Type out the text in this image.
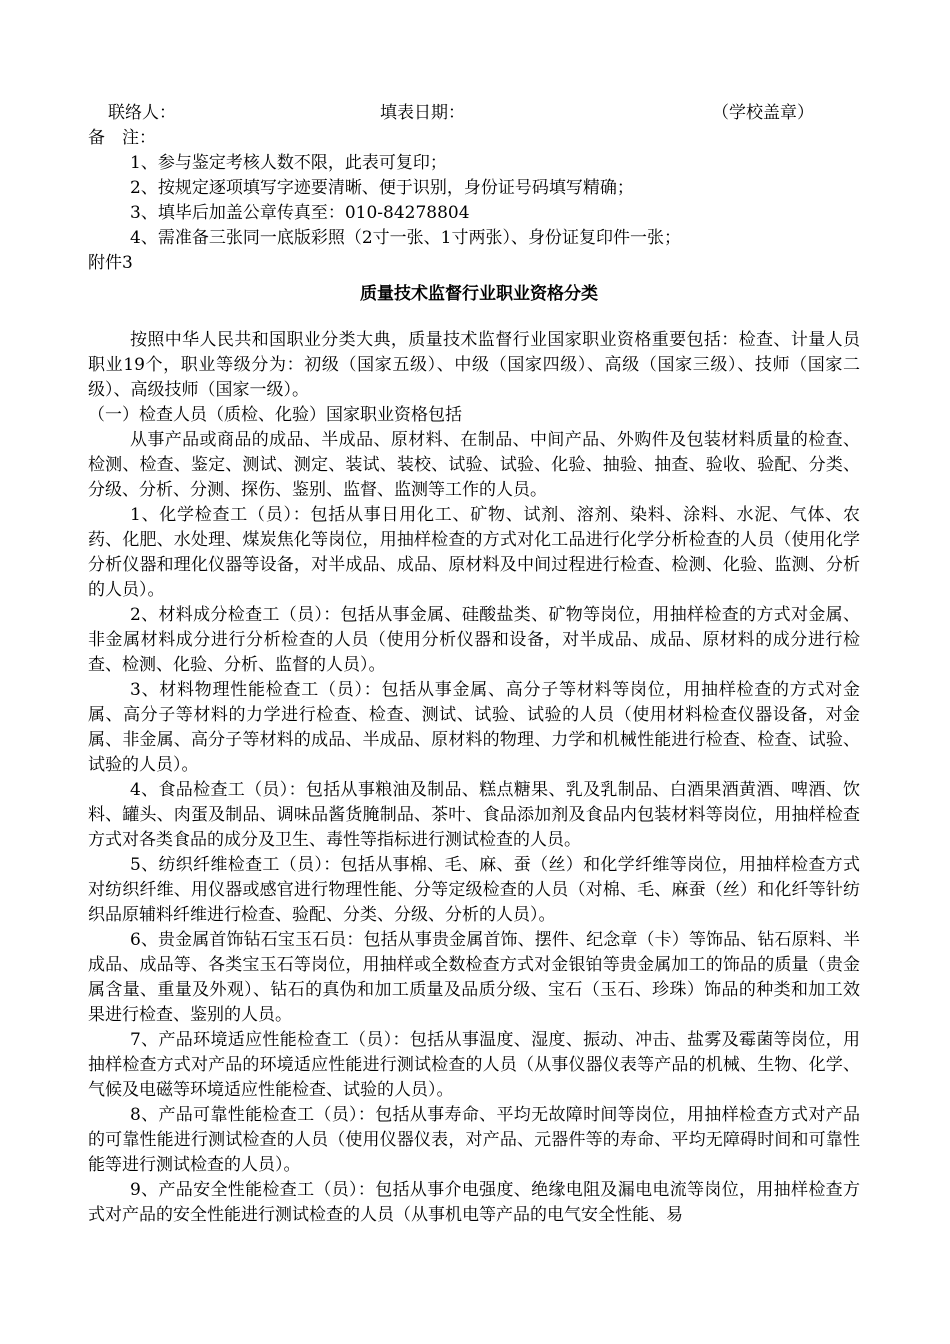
联络人：	填表日期：	（学校盖章）
备　注：
1、参与鉴定考核人数不限，此表可复印；
2、按规定逐项填写字迹要清晰、便于识别，身份证号码填写精确；
3、填毕后加盖公章传真至：010-84278804
4、需准备三张同一底版彩照（2寸一张、1寸两张）、身份证复印件一张；
附件3
质量技术监督行业职业资格分类

按照中华人民共和国职业分类大典，质量技术监督行业国家职业资格重要包括：检查、计量人员职业19个，职业等级分为：初级（国家五级）、中级（国家四级）、高级（国家三级）、技师（国家二级）、高级技师（国家一级）。

（一）检查人员（质检、化验）国家职业资格包括

从事产品或商品的成品、半成品、原材料、在制品、中间产品、外购件及包装材料质量的检查、检测、检查、鉴定、测试、测定、装试、装校、试验、试验、化验、抽验、抽查、验收、验配、分类、分级、分析、分测、探伤、鉴别、监督、监测等工作的人员。

1、化学检查工（员）：包括从事日用化工、矿物、试剂、溶剂、染料、涂料、水泥、气体、农药、化肥、水处理、煤炭焦化等岗位，用抽样检查的方式对化工品进行化学分析检查的人员（使用化学分析仪器和理化仪器等设备，对半成品、成品、原材料及中间过程进行检查、检测、化验、监测、分析的人员）。

2、材料成分检查工（员）：包括从事金属、硅酸盐类、矿物等岗位，用抽样检查的方式对金属、非金属材料成分进行分析检查的人员（使用分析仪器和设备，对半成品、成品、原材料的成分进行检查、检测、化验、分析、监督的人员）。

3、材料物理性能检查工（员）：包括从事金属、高分子等材料等岗位，用抽样检查的方式对金属、高分子等材料的力学进行检查、检查、测试、试验、试验的人员（使用材料检查仪器设备，对金属、非金属、高分子等材料的成品、半成品、原材料的物理、力学和机械性能进行检查、检查、试验、试验的人员）。

4、食品检查工（员）：包括从事粮油及制品、糕点糖果、乳及乳制品、白酒果酒黄酒、啤酒、饮料、罐头、肉蛋及制品、调味品酱货腌制品、茶叶、食品添加剂及食品内包装材料等岗位，用抽样检查方式对各类食品的成分及卫生、毒性等指标进行测试检查的人员。

5、纺织纤维检查工（员）：包括从事棉、毛、麻、蚕（丝）和化学纤维等岗位，用抽样检查方式对纺织纤维、用仪器或感官进行物理性能、分等定级检查的人员（对棉、毛、麻蚕（丝）和化纤等针纺织品原辅料纤维进行检查、验配、分类、分级、分析的人员）。

6、贵金属首饰钻石宝玉石员：包括从事贵金属首饰、摆件、纪念章（卡）等饰品、钻石原料、半成品、成品等、各类宝玉石等岗位，用抽样或全数检查方式对金银铂等贵金属加工的饰品的质量（贵金属含量、重量及外观）、钻石的真伪和加工质量及品质分级、宝石（玉石、珍珠）饰品的种类和加工效果进行检查、鉴别的人员。

7、产品环境适应性能检查工（员）：包括从事温度、湿度、振动、冲击、盐雾及霉菌等岗位，用抽样检查方式对产品的环境适应性能进行测试检查的人员（从事仪器仪表等产品的机械、生物、化学、气候及电磁等环境适应性能检查、试验的人员）。

8、产品可靠性能检查工（员）：包括从事寿命、平均无故障时间等岗位，用抽样检查方式对产品的可靠性能进行测试检查的人员（使用仪器仪表，对产品、元器件等的寿命、平均无障碍时间和可靠性能等进行测试检查的人员）。

9、产品安全性能检查工（员）：包括从事介电强度、绝缘电阻及漏电电流等岗位，用抽样检查方式对产品的安全性能进行测试检查的人员（从事机电等产品的电气安全性能、易
